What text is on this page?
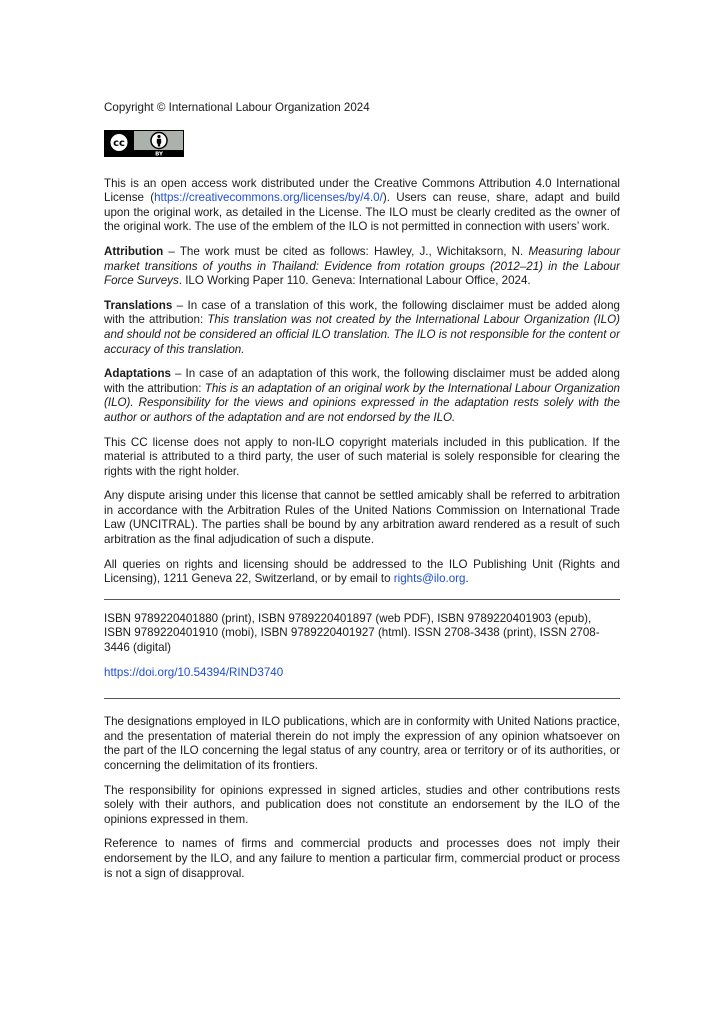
Copyright © International Labour Organization 2024

cc
BY

This is an open access work distributed under the Creative Commons Attribution 4.0 International License (https://creativecommons.org/licenses/by/4.0/). Users can reuse, share, adapt and build upon the original work, as detailed in the License. The ILO must be clearly credited as the owner of the original work. The use of the emblem of the ILO is not permitted in connection with users’ work.

Attribution – The work must be cited as follows: Hawley, J., Wichitaksorn, N. Measuring labour market transitions of youths in Thailand: Evidence from rotation groups (2012–21) in the Labour Force Surveys. ILO Working Paper 110. Geneva: International Labour Office, 2024.

Translations – In case of a translation of this work, the following disclaimer must be added along with the attribution: This translation was not created by the International Labour Organization (ILO) and should not be considered an official ILO translation. The ILO is not responsible for the content or accuracy of this translation.

Adaptations – In case of an adaptation of this work, the following disclaimer must be added along with the attribution: This is an adaptation of an original work by the International Labour Organization (ILO). Responsibility for the views and opinions expressed in the adaptation rests solely with the author or authors of the adaptation and are not endorsed by the ILO.

This CC license does not apply to non-ILO copyright materials included in this publication. If the material is attributed to a third party, the user of such material is solely responsible for clearing the rights with the right holder.

Any dispute arising under this license that cannot be settled amicably shall be referred to arbitration in accordance with the Arbitration Rules of the United Nations Commission on International Trade Law (UNCITRAL). The parties shall be bound by any arbitration award rendered as a result of such arbitration as the final adjudication of such a dispute.

All queries on rights and licensing should be addressed to the ILO Publishing Unit (Rights and Licensing), 1211 Geneva 22, Switzerland, or by email to rights@ilo.org.

ISBN 9789220401880 (print), ISBN 9789220401897 (web PDF), ISBN 9789220401903 (epub), ISBN 9789220401910 (mobi), ISBN 9789220401927 (html). ISSN 2708-3438 (print), ISSN 2708-3446 (digital)

https://doi.org/10.54394/RIND3740

The designations employed in ILO publications, which are in conformity with United Nations practice, and the presentation of material therein do not imply the expression of any opinion whatsoever on the part of the ILO concerning the legal status of any country, area or territory or of its authorities, or concerning the delimitation of its frontiers.

The responsibility for opinions expressed in signed articles, studies and other contributions rests solely with their authors, and publication does not constitute an endorsement by the ILO of the opinions expressed in them.

Reference to names of firms and commercial products and processes does not imply their endorsement by the ILO, and any failure to mention a particular firm, commercial product or process is not a sign of disapproval.
